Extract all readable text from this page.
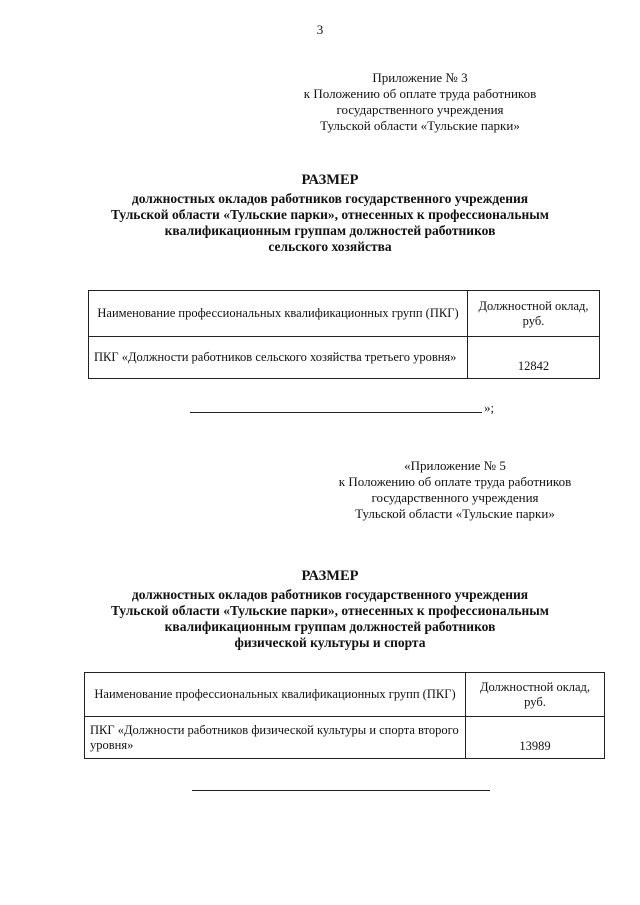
3
Приложение № 3
к Положению об оплате труда работников
государственного учреждения
Тульской области «Тульские парки»
РАЗМЕР
должностных окладов работников государственного учреждения
Тульской области «Тульские парки», отнесенных к профессиональным
квалификационным группам должностей работников
сельского хозяйства
Наименование профессиональных квалификационных групп (ПКГ)	Должностной оклад, руб.
ПКГ «Должности работников сельского хозяйства третьего уровня»	12842
»;
«Приложение № 5
к Положению об оплате труда работников
государственного учреждения
Тульской области «Тульские парки»
РАЗМЕР
должностных окладов работников государственного учреждения
Тульской области «Тульские парки», отнесенных к профессиональным
квалификационным группам должностей работников
физической культуры и спорта
Наименование профессиональных квалификационных групп (ПКГ)	Должностной оклад, руб.
ПКГ «Должности работников физической культуры и спорта второго уровня»	13989
